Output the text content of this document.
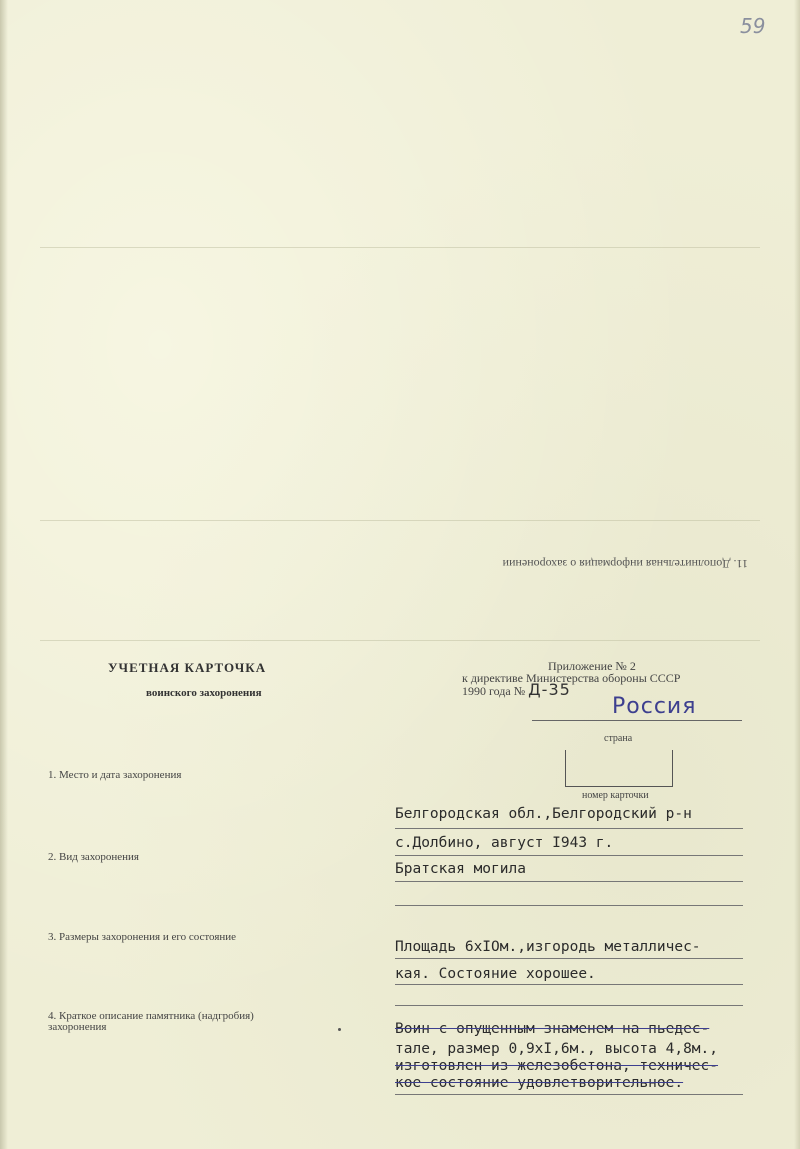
59
11. Дополнительная информация о захоронении
УЧЕТНАЯ КАРТОЧКА
воинского захоронения
Приложение № 2
к директиве Министерства обороны СССР
1990 года № Д-35
Россия
страна
номер карточки
1. Место и дата захоронения
Белгородская обл.,Белгородский р-н
с.Долбино, август I943 г.
2. Вид захоронения
Братская могила
3. Размеры захоронения и его состояние
Площадь 6хIOм.,изгородь металличес-
кая. Состояние хорошее.
4. Краткое описание памятника (надгробия)
захоронения	Воин с опущенным знаменем на пьедес-
тале, размер 0,9хI,6м., высота 4,8м.,
изготовлен из железобетона, техничес-
кое состояние удовлетворительное.
